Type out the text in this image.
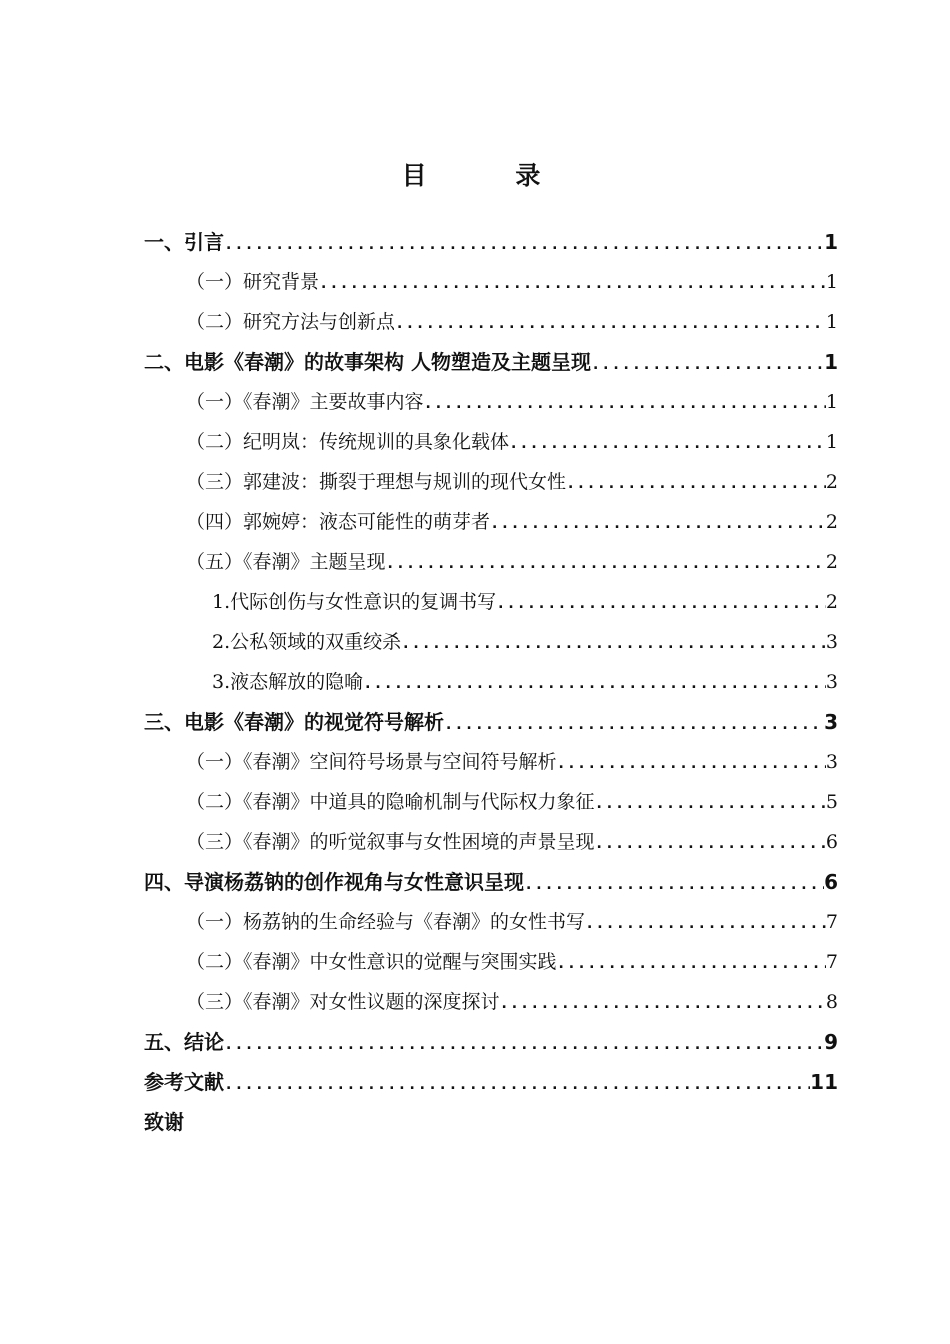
目 录
一、引言 . . .	1
（一）研究背景 . . .	1
（二）研究方法与创新点 . . .	1
二、电影《春潮》的故事架构 人物塑造及主题呈现 . . .	1
（一）《春潮》主要故事内容 . . .	1
（二）纪明岚：传统规训的具象化载体 . . .	1
（三）郭建波：撕裂于理想与规训的现代女性 . . .	2
（四）郭婉婷：液态可能性的萌芽者 . . .	2
（五）《春潮》主题呈现 . . .	2
1.代际创伤与女性意识的复调书写 . . .	2
2.公私领域的双重绞杀 . . .	3
3.液态解放的隐喻 . . .	3
三、电影《春潮》的视觉符号解析 . . .	3
（一）《春潮》空间符号场景与空间符号解析 . . .	3
（二）《春潮》中道具的隐喻机制与代际权力象征 . . .	5
（三）《春潮》的听觉叙事与女性困境的声景呈现 . . .	6
四、导演杨荔钠的创作视角与女性意识呈现 . . .	6
（一）杨荔钠的生命经验与《春潮》的女性书写 . . .	7
（二）《春潮》中女性意识的觉醒与突围实践 . . .	7
（三）《春潮》对女性议题的深度探讨 . . .	8
五、结论 . . .	9
参考文献 . . .	11
致谢
